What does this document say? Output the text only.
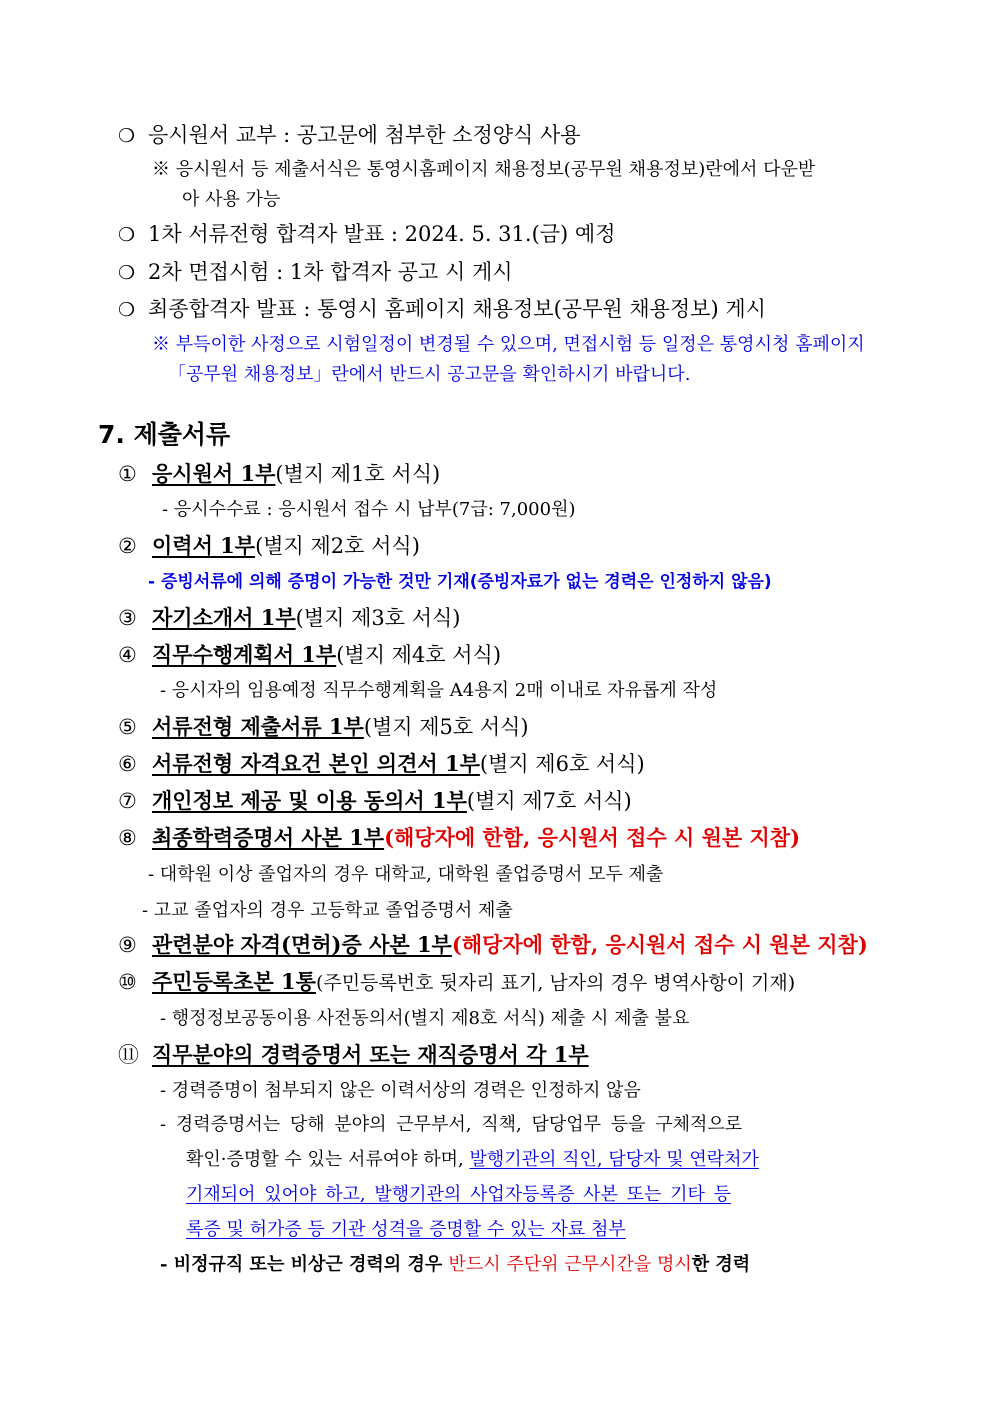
❍ 응시원서 교부 : 공고문에 첨부한 소정양식 사용
※ 응시원서 등 제출서식은 통영시홈페이지 채용정보(공무원 채용정보)란에서 다운받
아 사용 가능
❍ 1차 서류전형 합격자 발표 : 2024. 5. 31.(금) 예정
❍ 2차 면접시험 : 1차 합격자 공고 시 게시
❍ 최종합격자 발표 : 통영시 홈페이지 채용정보(공무원 채용정보) 게시
※ 부득이한 사정으로 시험일정이 변경될 수 있으며, 면접시험 등 일정은 통영시청 홈페이지
「공무원 채용정보」란에서 반드시 공고문을 확인하시기 바랍니다.
7. 제출서류
① 응시원서 1부(별지 제1호 서식)
- 응시수수료 : 응시원서 접수 시 납부(7급: 7,000원)
② 이력서 1부(별지 제2호 서식)
- 증빙서류에 의해 증명이 가능한 것만 기재(증빙자료가 없는 경력은 인정하지 않음)
③ 자기소개서 1부(별지 제3호 서식)
④ 직무수행계획서 1부(별지 제4호 서식)
- 응시자의 임용예정 직무수행계획을 A4용지 2매 이내로 자유롭게 작성
⑤ 서류전형 제출서류 1부(별지 제5호 서식)
⑥ 서류전형 자격요건 본인 의견서 1부(별지 제6호 서식)
⑦ 개인정보 제공 및 이용 동의서 1부(별지 제7호 서식)
⑧ 최종학력증명서 사본 1부(해당자에 한함, 응시원서 접수 시 원본 지참)
- 대학원 이상 졸업자의 경우 대학교, 대학원 졸업증명서 모두 제출
- 고교 졸업자의 경우 고등학교 졸업증명서 제출
⑨ 관련분야 자격(면허)증 사본 1부(해당자에 한함, 응시원서 접수 시 원본 지참)
⑩ 주민등록초본 1통(주민등록번호 뒷자리 표기, 남자의 경우 병역사항이 기재)
- 행정정보공동이용 사전동의서(별지 제8호 서식) 제출 시 제출 불요
⑪ 직무분야의 경력증명서 또는 재직증명서 각 1부
- 경력증명이 첨부되지 않은 이력서상의 경력은 인정하지 않음
- 경력증명서는 당해 분야의 근무부서, 직책, 담당업무 등을 구체적으로
확인·증명할 수 있는 서류여야 하며, 발행기관의 직인, 담당자 및 연락처가
기재되어 있어야 하고, 발행기관의 사업자등록증 사본 또는 기타 등
록증 및 허가증 등 기관 성격을 증명할 수 있는 자료 첨부
- 비정규직 또는 비상근 경력의 경우 반드시 주단위 근무시간을 명시한 경력
